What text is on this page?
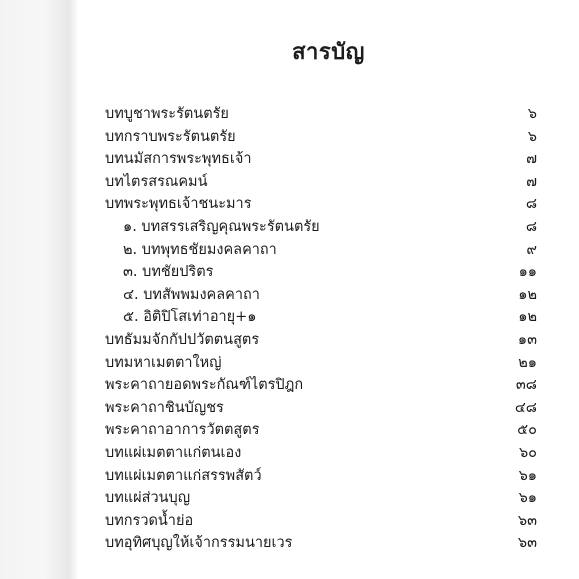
สารบัญ
บทบูชาพระรัตนตรัย	๖
บทกราบพระรัตนตรัย	๖
บทนมัสการพระพุทธเจ้า	๗
บทไตรสรณคมน์	๗
บทพระพุทธเจ้าชนะมาร	๘
๑. บทสรรเสริญคุณพระรัตนตรัย	๘
๒. บทพุทธชัยมงคลคาถา	๙
๓. บทชัยปริตร	๑๑
๔. บทสัพพมงคลคาถา	๑๒
๕. อิติปิโสเท่าอายุ+๑	๑๒
บทธัมมจักกัปปวัตตนสูตร	๑๓
บทมหาเมตตาใหญ่	๒๑
พระคาถายอดพระกัณฑ์ไตรปิฎก	๓๘
พระคาถาชินบัญชร	๔๘
พระคาถาอาการวัตตสูตร	๕๐
บทแผ่เมตตาแก่ตนเอง	๖๐
บทแผ่เมตตาแก่สรรพสัตว์	๖๑
บทแผ่ส่วนบุญ	๖๑
บทกรวดน้ำย่อ	๖๓
บทอุทิศบุญให้เจ้ากรรมนายเวร	๖๓
